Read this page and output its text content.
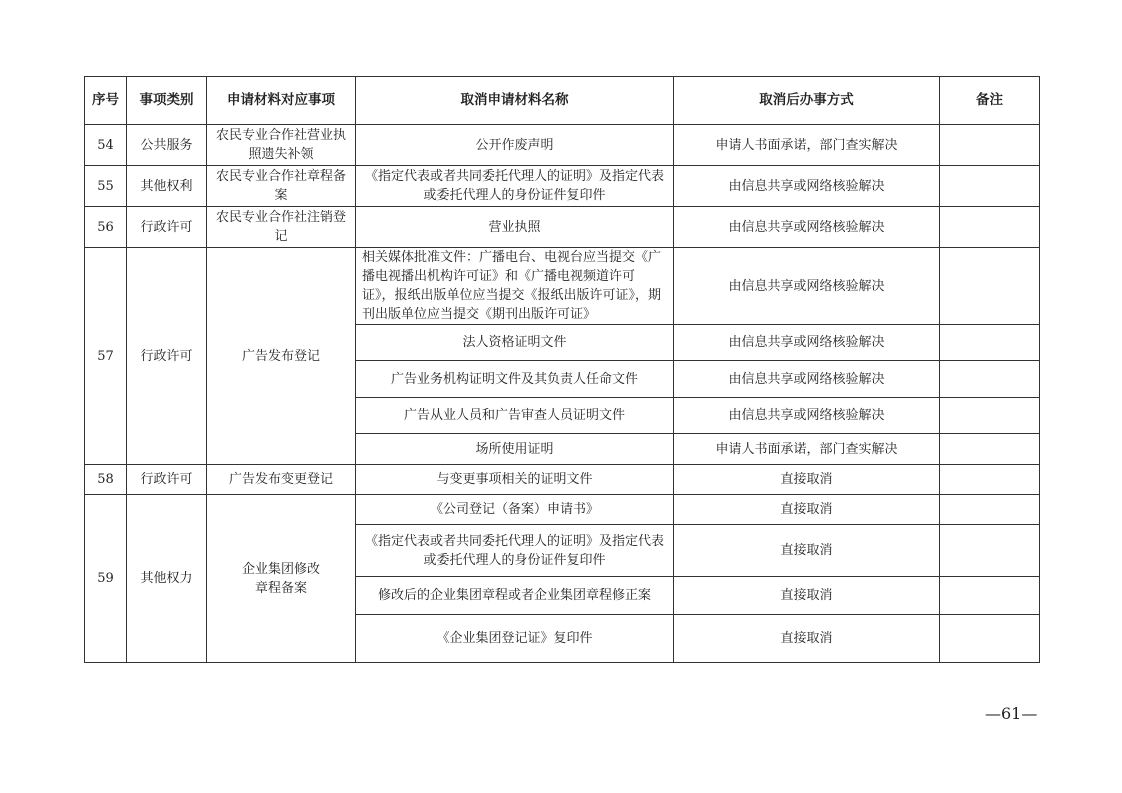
序号	事项类别	申请材料对应事项	取消申请材料名称	取消后办事方式	备注
54	公共服务	农民专业合作社营业执照遗失补领	公开作废声明	申请人书面承诺，部门查实解决	
55	其他权利	农民专业合作社章程备案	《指定代表或者共同委托代理人的证明》及指定代表或委托代理人的身份证件复印件	由信息共享或网络核验解决	
56	行政许可	农民专业合作社注销登记	营业执照	由信息共享或网络核验解决	
57	行政许可	广告发布登记	相关媒体批准文件：广播电台、电视台应当提交《广播电视播出机构许可证》和《广播电视频道许可证》，报纸出版单位应当提交《报纸出版许可证》，期刊出版单位应当提交《期刊出版许可证》	由信息共享或网络核验解决	
			法人资格证明文件	由信息共享或网络核验解决	
			广告业务机构证明文件及其负责人任命文件	由信息共享或网络核验解决	
			广告从业人员和广告审查人员证明文件	由信息共享或网络核验解决	
			场所使用证明	申请人书面承诺，部门查实解决	
58	行政许可	广告发布变更登记	与变更事项相关的证明文件	直接取消	
59	其他权力	企业集团修改章程备案	《公司登记（备案）申请书》	直接取消	
			《指定代表或者共同委托代理人的证明》及指定代表或委托代理人的身份证件复印件	直接取消	
			修改后的企业集团章程或者企业集团章程修正案	直接取消	
			《企业集团登记证》复印件	直接取消	
—61—
